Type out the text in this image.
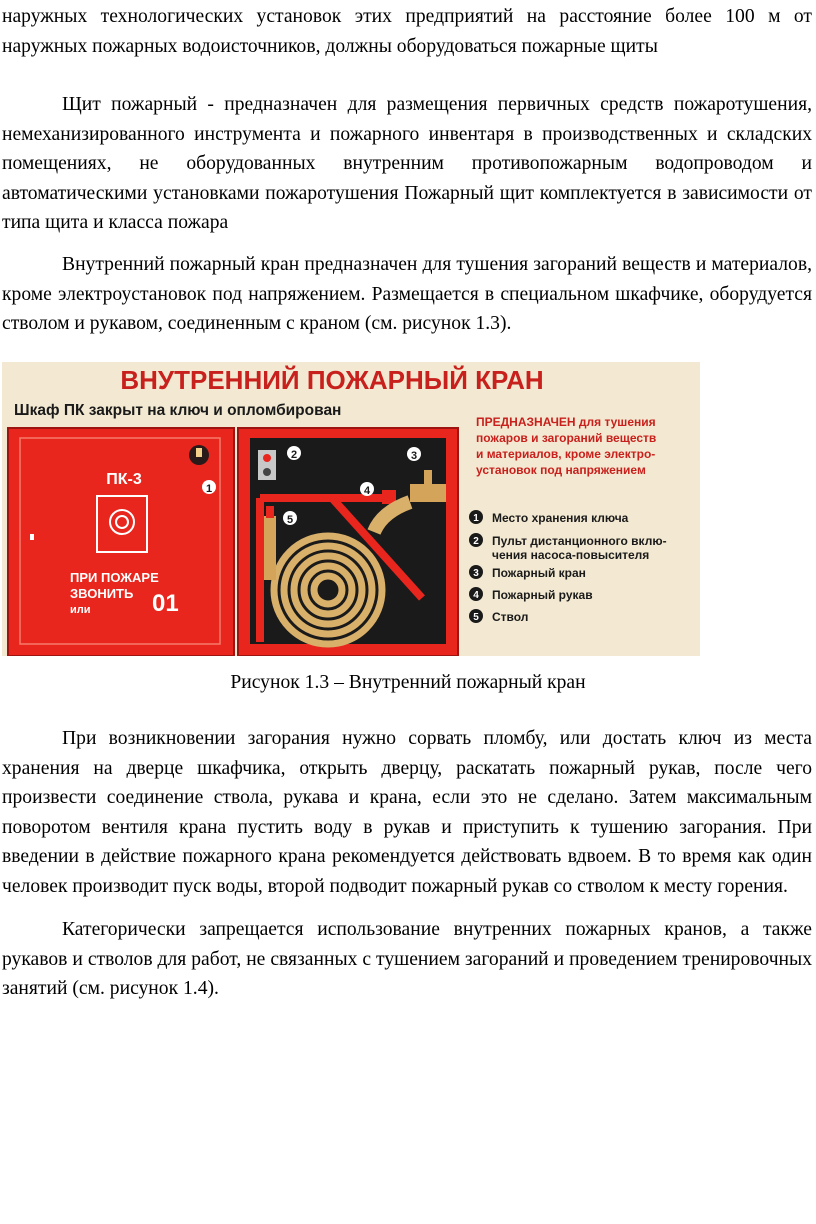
наружных технологических установок этих предприятий на расстояние более 100 м от наружных пожарных водоисточников, должны оборудоваться пожарные щиты

Щит пожарный - предназначен для размещения первичных средств пожаротушения, немеханизированного инструмента и пожарного инвентаря в производственных и складских помещениях, не оборудованных внутренним противопожарным водопроводом и автоматическими установками пожаротушения Пожарный щит комплектуется в зависимости от типа щита и класса пожара

Внутренний пожарный кран предназначен для тушения загораний веществ и материалов, кроме электроустановок под напряжением. Размещается в специальном шкафчике, оборудуется стволом и рукавом, соединенным с краном (см. рисунок 1.3).

ВНУТРЕННИЙ ПОЖАРНЫЙ КРАН
Шкаф ПК закрыт на ключ и опломбирован
1
ПК-3
ПРИ ПОЖАРЕ
ЗВОНИТЬ
или	01
2	3
4
5
ПРЕДНАЗНАЧЕН для тушения
пожаров и загораний веществ
и материалов, кроме электро-
установок под напряжением
1 Место хранения ключа
2 Пульт дистанционного вклю-
чения насоса-повысителя
3 Пожарный кран
4 Пожарный рукав
5 Ствол
Рисунок 1.3 – Внутренний пожарный кран

При возникновении загорания нужно сорвать пломбу, или достать ключ из места хранения на дверце шкафчика, открыть дверцу, раскатать пожарный рукав, после чего произвести соединение ствола, рукава и крана, если это не сделано. Затем максимальным поворотом вентиля крана пустить воду в рукав и приступить к тушению загорания. При введении в действие пожарного крана рекомендуется действовать вдвоем. В то время как один человек производит пуск воды, второй подводит пожарный рукав со стволом к месту горения.

Категорически запрещается использование внутренних пожарных кранов, а также рукавов и стволов для работ, не связанных с тушением загораний и проведением тренировочных занятий (см. рисунок 1.4).
